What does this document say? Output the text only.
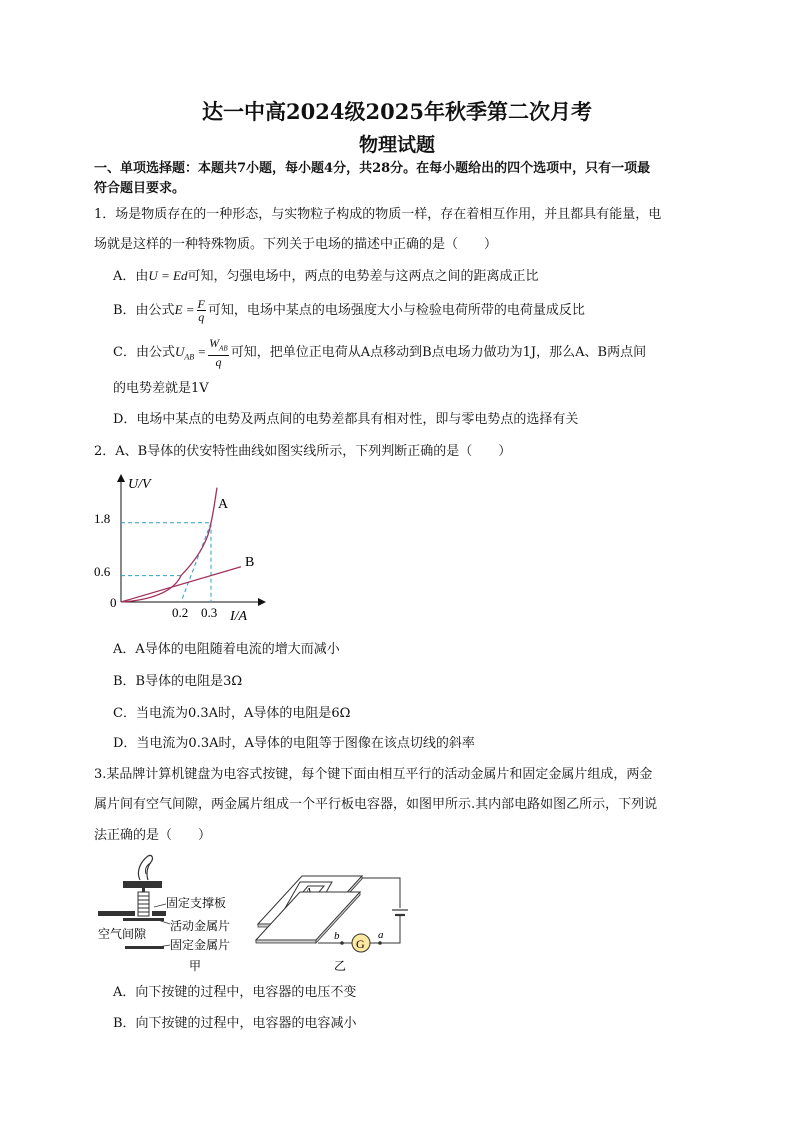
达一中高2024级2025年秋季第二次月考
物理试题
一、单项选择题：本题共7小题，每小题4分，共28分。在每小题给出的四个选项中，只有一项最
符合题目要求。
1．场是物质存在的一种形态，与实物粒子构成的物质一样，存在着相互作用，并且都具有能量，电
场就是这样的一种特殊物质。下列关于电场的描述中正确的是（　　）
A．由U = Ed可知，匀强电场中，两点的电势差与这两点之间的距离成正比
B．由公式$E = \frac{F}{q}$ 可知，电场中某点的电场强度大小与检验电荷所带的电荷量成反比
C．由公式$U_{AB} = \frac{W_{AB}}{q}$ 可知，把单位正电荷从A点移动到B点电场力做功为1J，那么A、B两点间
的电势差就是1V
D．电场中某点的电势及两点间的电势差都具有相对性，即与零电势点的选择有关
2．A、B导体的伏安特性曲线如图实线所示，下列判断正确的是（　　）
U/V
I/A
0
1.8
0.6
0.2 0.3
A
B
A．A导体的电阻随着电流的增大而减小
B．B导体的电阻是3Ω
C．当电流为0.3A时，A导体的电阻是6Ω
D．当电流为0.3A时，A导体的电阻等于图像在该点切线的斜率
3.某品牌计算机键盘为电容式按键，每个键下面由相互平行的活动金属片和固定金属片组成，两金
属片间有空气间隙，两金属片组成一个平行板电容器，如图甲所示.其内部电路如图乙所示，下列说
法正确的是（　　）
固定支撑板
活动金属片
空气间隙
固定金属片
甲
G
b	a
乙
A．向下按键的过程中，电容器的电压不变
B．向下按键的过程中，电容器的电容减小
